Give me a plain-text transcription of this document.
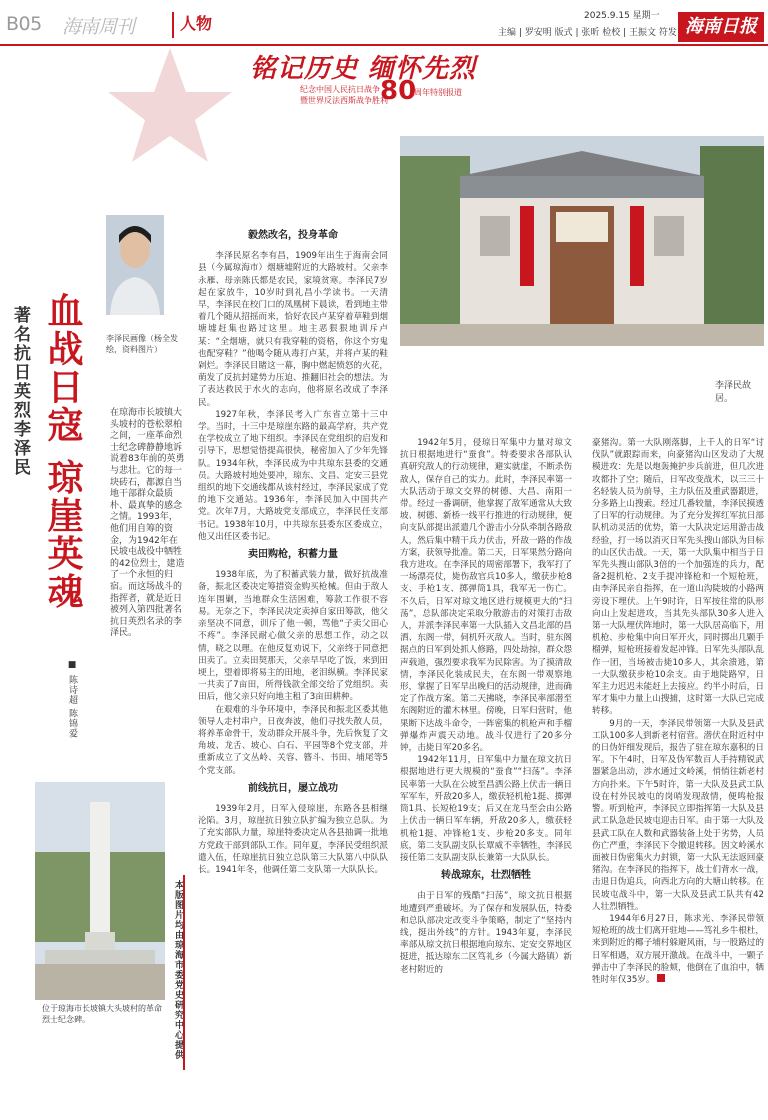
B05 海南周刊	人物	2025.9.15 星期一
主编 | 罗安明 版式 | 张昕 检校 | 王振文 符发 海南日报
铭记历史 缅怀先烈
纪念中国人民抗日战争
暨世界反法西斯战争胜利
80
周年特别报道
李泽民故居。
血战日寇 琼崖英魂
著名抗日英烈李泽民
■ 陈诗超 陈锦爱
李泽民画像（杨全发绘，资料图片）
在琼海市长坡镇大头坡村的苍松翠柏之间，一座革命烈士纪念碑静静地诉说着83年前的英勇与悲壮。它的每一块砖石，都源自当地干部群众最质朴、最真挚的感念之情。1993年，他们用自筹的资金，为1942年在民坡屯战役中牺牲的42位烈士，建造了一个永恒的归宿。而这场战斗的指挥者，就是近日被列入第四批著名抗日英烈名录的李泽民。
位于琼海市长坡镇大头坡村的革命烈士纪念碑。	本版图片均由琼海市委党史研究中心提供
毅然改名，投身革命

李泽民原名李有昌，1909年出生于海南会同县（今属琼海市）烟塘墟附近的大路坡村。父亲李永雁、母亲陈氏都是农民，家境贫寒。李泽民7岁起在家放牛，10岁时到礼昌小学读书。一天清早，李泽民在校门口的凤凰树下晨读，看到地主带着几个随从招摇而来，恰好农民卢某穿着草鞋到烟塘墟赶集也路过这里。地主恶狠狠地训斥卢某：“全烟塘，就只有我穿鞋的资格，你这个穷鬼也配穿鞋？”他喝令随从毒打卢某，并将卢某的鞋剁烂。李泽民目睹这一幕，胸中燃起愤怒的火花，萌发了反抗封建势力压迫、推翻旧社会的想法。为了表达救民于水火的志向，他将原名改成了李泽民。

1927年秋，李泽民考入广东省立第十三中学。当时，十三中是琼崖东路的最高学府，共产党在学校成立了地下组织。李泽民在党组织的启发和引导下，思想觉悟提高很快，秘密加入了少年先锋队。1934年秋，李泽民成为中共琼东县委的交通员。大路坡村地处要冲，琼东、文昌、定安三县党组织的地下交通线都从该村经过，李泽民家成了党的地下交通站。1936年，李泽民加入中国共产党。次年7月，大路坡党支部成立，李泽民任支部书记。1938年10月，中共琼东县委东区委成立，他又出任区委书记。

卖田购枪，积蓄力量

1938年底，为了积蓄武装力量，做好抗战准备，振北区委决定筹措资金购买枪械。但由于敌人连年围剿，当地群众生活困难，筹款工作很不容易。无奈之下，李泽民决定卖掉自家田筹款，他父亲坚决不同意，训斥了他一顿，骂他“子卖父田心不疼”。李泽民耐心做父亲的思想工作，动之以情，晓之以理。在他反复劝说下，父亲终于同意把田卖了。立卖田契那天，父亲早早吃了饭，来到田埂上，望着即将易主的田地，老泪纵横。李泽民家一共卖了7亩田，所得钱款全部交给了党组织。卖田后，他父亲只好向地主租了3亩田耕种。

在艰难的斗争环境中，李泽民和振北区委其他领导人走村串户，日夜奔波，他们寻找失散人员，将养革命骨干，发动群众开展斗争，先后恢复了文角坡、龙舌、坡心、白石、平园等8个党支部，并重新成立了文丛岭、关容、簪斗、书田、埔尾等5个党支部。

前线抗日，屡立战功

1939年2月，日军入侵琼崖，东路各县相继沦陷。3月，琼崖抗日独立队扩编为独立总队。为了充实部队力量，琼崖特委决定从各县抽调一批地方党政干部到部队工作。同年夏，李泽民受组织派遣入伍，任琼崖抗日独立总队第三大队第八中队队长。1941年冬，他调任第二支队第一大队队长。

1942年5月，侵琼日军集中力量对琼文抗日根据地进行“蚕食”。特委要求各部队认真研究敌人的行动规律，避实就虚，不断杀伤敌人，保存自己的实力。此时，李泽民率第一大队活动于琼文交界的树德、大昌、南阳一带。经过一番调研，他掌握了敌军通常从大致坡、树德、新桥一线平行推进的行动规律，便向支队部提出派遣几个游击小分队牵制各路敌人，然后集中精干兵力伏击，歼敌一路的作战方案，获领导批准。第二天，日军果然分路向我方进攻。在李泽民的周密部署下，我军打了一场漂亮仗，毙伤敌官兵10多人，缴获步枪8支、手枪1支、掷弹筒1具，我军无一伤亡。不久后，日军对琼文地区进行规模更大的“扫荡”，总队部决定采取分散游击的对策打击敌人，并派李泽民率第一大队插入文昌北部的昌洒、东阁一带，伺机歼灭敌人。当时，驻东阁据点的日军到处抓人修路，四处劫掠，群众怨声载道，强烈要求我军为民除害。为了摸清敌情，李泽民化装成民夫，在东阁一带观察地形，掌握了日军早出晚归的活动规律，进而确定了作战方案。第二天拂晓，李泽民率部潜至东阁附近的灌木林里。傍晚，日军归营时，他果断下达战斗命令，一阵密集的机枪声和手榴弹爆炸声震天动地。战斗仅进行了20多分钟，击毙日军20多名。

1942年11月，日军集中力量在琼文抗日根据地进行更大规模的“蚕食”“扫荡”。李泽民率第一大队在公坡至昌洒公路上伏击一辆日军军车，歼敌20多人，缴获轻机枪1挺、掷弹筒1具、长短枪19支；后又在龙马至会由公路上伏击一辆日军车辆，歼敌20多人，缴获轻机枪1挺、冲锋枪1支、步枪20多支。同年底，第二支队副支队长覃威不幸牺牲，李泽民接任第二支队副支队长兼第一大队队长。

转战琼东，壮烈牺牲

由于日军的残酷“扫荡”，琼文抗日根据地遭到严重破坏。为了保存和发展队伍，特委和总队部决定改变斗争策略，制定了“坚持内线，挺出外线”的方针。1943年夏，李泽民率部从琼文抗日根据地向琼东、定安交界地区挺进，抵达琼东二区笃礼乡（今属大路镇）新老村附近的

豪猪沟。第一大队刚落脚，上千人的日军“讨伐队”就跟踪而来，向豪猪沟山区发动了大规模进攻：先是以炮轰掩护步兵前进，但几次进攻都扑了空；随后，日军改变战术，以三三十名轻装人员为前导，主力队伍及重武器跟进，分多路上山搜索。经过几番较量，李泽民摸透了日军的行动规律。为了充分发挥红军抗日部队机动灵活的优势，第一大队决定运用游击战经验，打一场以消灭日军先头搜山部队为目标的山区伏击战。一天，第一大队集中相当于日军先头搜山部队3倍的一个加强连的兵力，配备2挺机枪、2支手提冲锋枪和一个短枪班，由李泽民亲自指挥，在一道山沟陡坡的小路两旁设下埋伏。上午9时许，日军按往常的队形向山上发起进攻，当其先头部队30多人进入第一大队埋伏阵地时，第一大队居高临下，用机枪、步枪集中向日军开火，同时掷出几颗手榴弹，短枪班接着发起冲锋。日军先头部队乱作一团，当场被击毙10多人，其余溃逃，第一大队缴获步枪10余支。由于地陡路窄，日军主力迟迟未能赶上去接应。约半小时后，日军才集中力量上山搜捕，这时第一大队已完成转移。

9月的一天，李泽民带领第一大队及县武工队100多人到新老村宿营。潜伏在附近村中的日伪奸细发现后，报告了驻在琼东嘉积的日军。下午4时，日军及伪军数百人手持精锐武器紧急出动，涉水通过文岭溪，悄悄往新老村方向扑来。下午5时许，第一大队及县武工队设在村外民坡屯的岗哨发现敌情，便鸣枪报警。听到枪声，李泽民立即指挥第一大队及县武工队急赴民坡屯迎击日军。由于第一大队及县武工队在人数和武器装备上处于劣势，人员伤亡严重，李泽民下令撤退转移。因文岭溪水面被日伪密集火力封锁，第一大队无法返回豪猪沟。在李泽民的指挥下，战士们背水一战，击退日伪追兵，向西北方向的大塘山转移。在民坡屯战斗中，第一大队及县武工队共有42人壮烈牺牲。

1944年6月27日，陈求光、李泽民带领短枪班的战士们离开驻地——笃礼乡牛根杜，来到附近的椰子埔村躲避风雨，与一股路过的日军相遇，双方展开激战。在战斗中，一颗子弹击中了李泽民的脸颊，他倒在了血泊中，牺牲时年仅35岁。
